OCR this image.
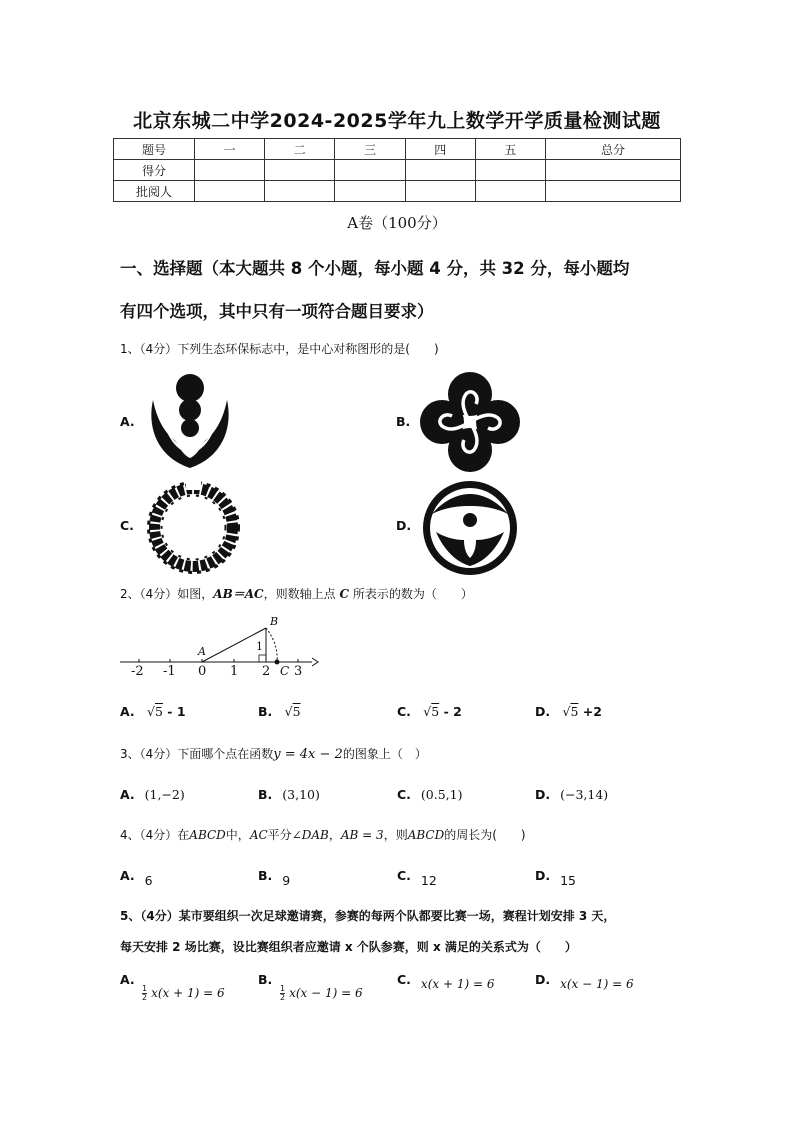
北京东城二中学2024-2025学年九上数学开学质量检测试题
题号	一	二	三	四	五	总分
得分						
批阅人						
A卷（100分）
一、选择题（本大题共 8 个小题，每小题 4 分，共 32 分，每小题均
有四个选项，其中只有一项符合题目要求）
1、（4分）下列生态环保标志中，是中心对称图形的是(　　)
A.	B.
C.	D.
2、（4分）如图，AB＝AC，则数轴上点 C 所表示的数为（　　）
-2 -1 0 1 2 3
A
B
C
1
A. √5 - 1	B. √5	C. √5 - 2	D. √5 +2
3、（4分）下面哪个点在函数y = 4x − 2的图象上（　）
A. (1,−2)	B. (3,10)	C. (0.5,1)	D. (−3,14)
4、（4分）在ABCD中，AC平分∠DAB，AB = 3，则ABCD的周长为(　　)
A. 6	B. 9	C. 12	D. 15
5、（4分）某市要组织一次足球邀请赛，参赛的每两个队都要比赛一场，赛程计划安排 3 天，
每天安排 2 场比赛，设比赛组织者应邀请 x 个队参赛，则 x 满足的关系式为（　　）
A.
$\frac{1}{2} x(x + 1) = 6$
B.
$\frac{1}{2} x(x - 1) = 6$
C. x(x + 1) = 6	D. x(x − 1) = 6
